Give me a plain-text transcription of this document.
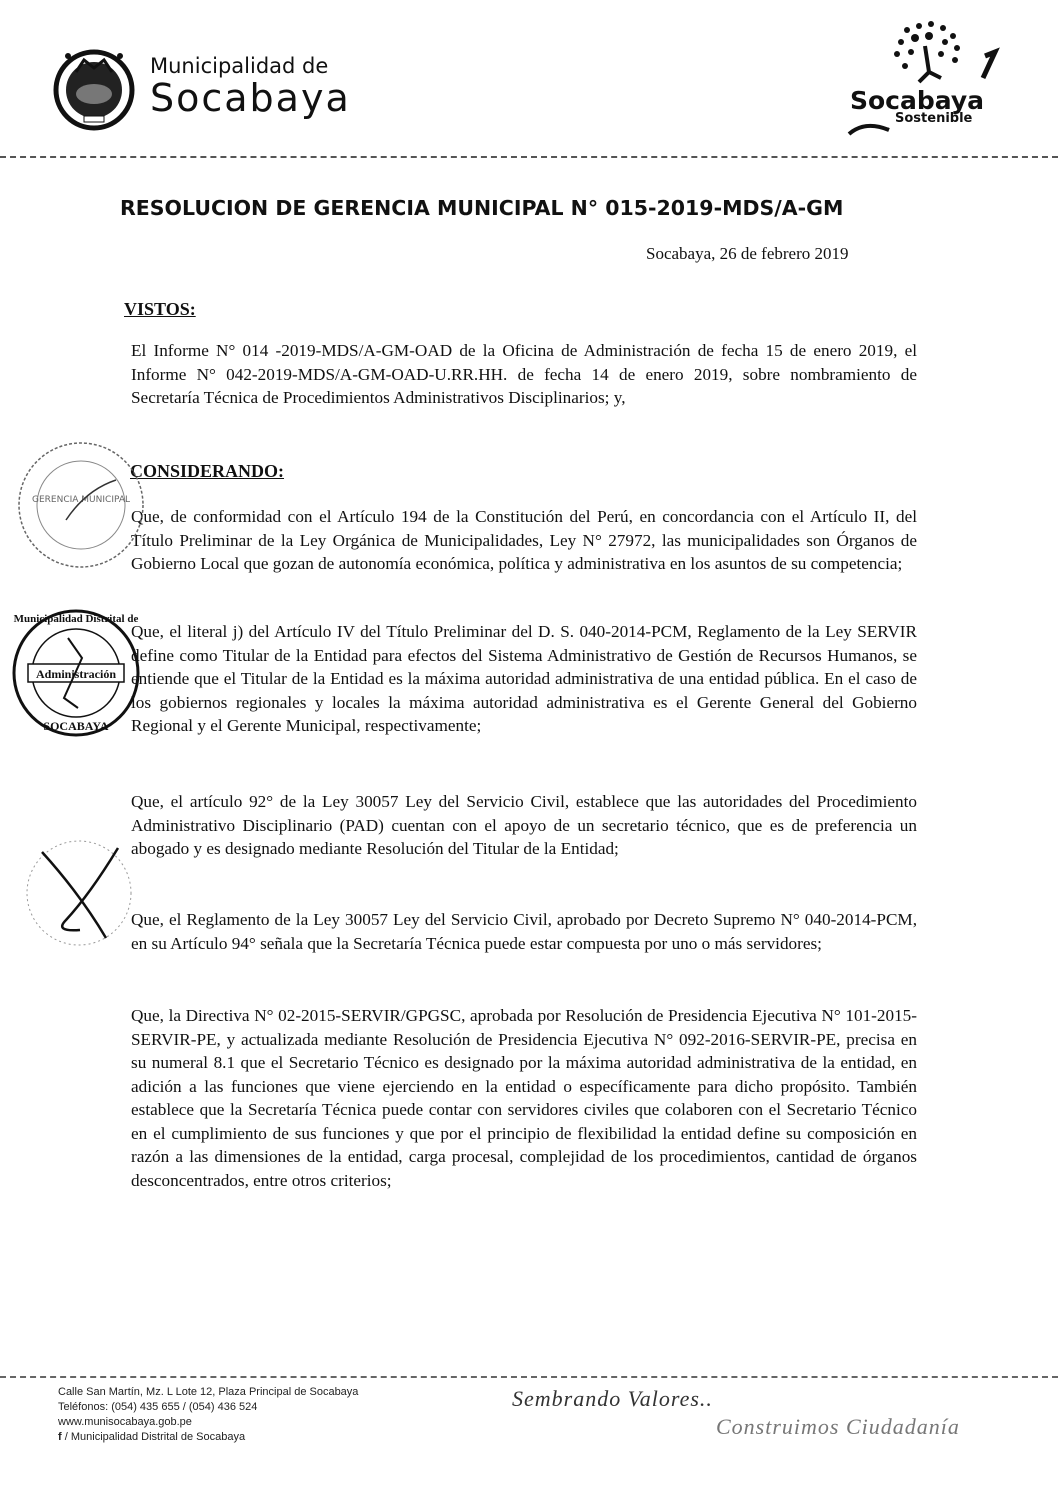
Municipalidad de
Socabaya	Socabaya
Sostenible
RESOLUCION DE GERENCIA MUNICIPAL N° 015-2019-MDS/A-GM
Socabaya, 26 de febrero 2019
VISTOS:
El Informe N° 014 -2019-MDS/A-GM-OAD de la Oficina de Administración de fecha 15 de enero 2019, el Informe N° 042-2019-MDS/A-GM-OAD-U.RR.HH. de fecha 14 de enero 2019, sobre nombramiento de Secretaría Técnica de Procedimientos Administrativos Disciplinarios; y,
CONSIDERANDO:
Que, de conformidad con el Artículo 194 de la Constitución del Perú, en concordancia con el Artículo II, del Título Preliminar de la Ley Orgánica de Municipalidades, Ley N° 27972, las municipalidades son Órganos de Gobierno Local que gozan de autonomía económica, política y administrativa en los asuntos de su competencia;
Que, el literal j) del Artículo IV del Título Preliminar del D. S. 040-2014-PCM, Reglamento de la Ley SERVIR define como Titular de la Entidad para efectos del Sistema Administrativo de Gestión de Recursos Humanos, se entiende que el Titular de la Entidad es la máxima autoridad administrativa de una entidad pública. En el caso de los gobiernos regionales y locales la máxima autoridad administrativa es el Gerente General del Gobierno Regional y el Gerente Municipal, respectivamente;
Que, el artículo 92° de la Ley 30057 Ley del Servicio Civil, establece que las autoridades del Procedimiento Administrativo Disciplinario (PAD) cuentan con el apoyo de un secretario técnico, que es de preferencia un abogado y es designado mediante Resolución del Titular de la Entidad;
Que, el Reglamento de la Ley 30057 Ley del Servicio Civil, aprobado por Decreto Supremo N° 040-2014-PCM, en su Artículo 94° señala que la Secretaría Técnica puede estar compuesta por uno o más servidores;
Que, la Directiva N° 02-2015-SERVIR/GPGSC, aprobada por Resolución de Presidencia Ejecutiva N° 101-2015-SERVIR-PE, y actualizada mediante Resolución de Presidencia Ejecutiva N° 092-2016-SERVIR-PE, precisa en su numeral 8.1 que el Secretario Técnico es designado por la máxima autoridad administrativa de la entidad, en adición a las funciones que viene ejerciendo en la entidad o específicamente para dicho propósito. También establece que la Secretaría Técnica puede contar con servidores civiles que colaboren con el Secretario Técnico en el cumplimiento de sus funciones y que por el principio de flexibilidad la entidad define su composición en razón a las dimensiones de la entidad, carga procesal, complejidad de los procedimientos, cantidad de órganos desconcentrados, entre otros criterios;
GERENCIA MUNICIPAL
Municipalidad Distrital de
Administración
SOCABAYA
Calle San Martín, Mz. L Lote 12, Plaza Principal de Socabaya
Teléfonos: (054) 435 655 / (054) 436 524
www.munisocabaya.gob.pe
f / Municipalidad Distrital de Socabaya
Sembrando Valores..
Construimos Ciudadanía
